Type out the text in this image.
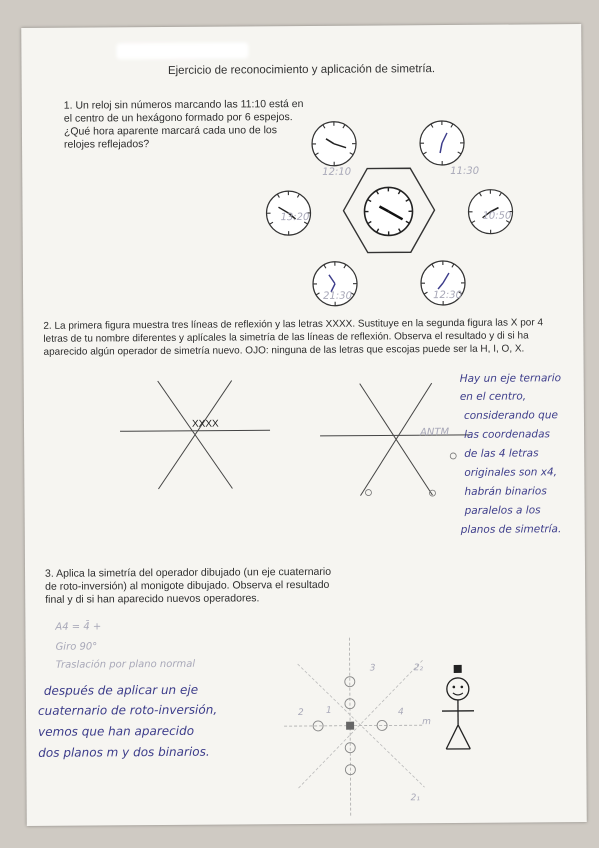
Ejercicio de reconocimiento y aplicación de simetría.
1. Un reloj sin números marcando las 11:10 está en el centro de un hexágono formado por 6 espejos. ¿Qué hora aparente marcará cada uno de los relojes reflejados?
12:10	11:30
13:20	10:50
21:30	12:30
2. La primera figura muestra tres líneas de reflexión y las letras XXXX. Sustituye en la segunda figura las X por 4 letras de tu nombre diferentes y aplícales la simetría de las líneas de reflexión. Observa el resultado y di si ha aparecido algún operador de simetría nuevo. OJO: ninguna de las letras que escojas puede ser la H, I, O, X.
XXXX
ANTM
Hay un eje ternario
en el centro,
considerando que
las coordenadas
de las 4 letras
originales son x4,
habrán binarios
paralelos a los
planos de simetría.
3. Aplica la simetría del operador dibujado (un eje cuaternario de roto-inversión) al monigote dibujado. Observa el resultado final y di si han aparecido nuevos operadores.
A4 = 4̄ +
Giro 90°
Traslación por plano normal
después de aplicar un eje
cuaternario de roto-inversión,
vemos que han aparecido
dos planos m y dos binarios.
3
1
2	4
2₂
m
2₁
